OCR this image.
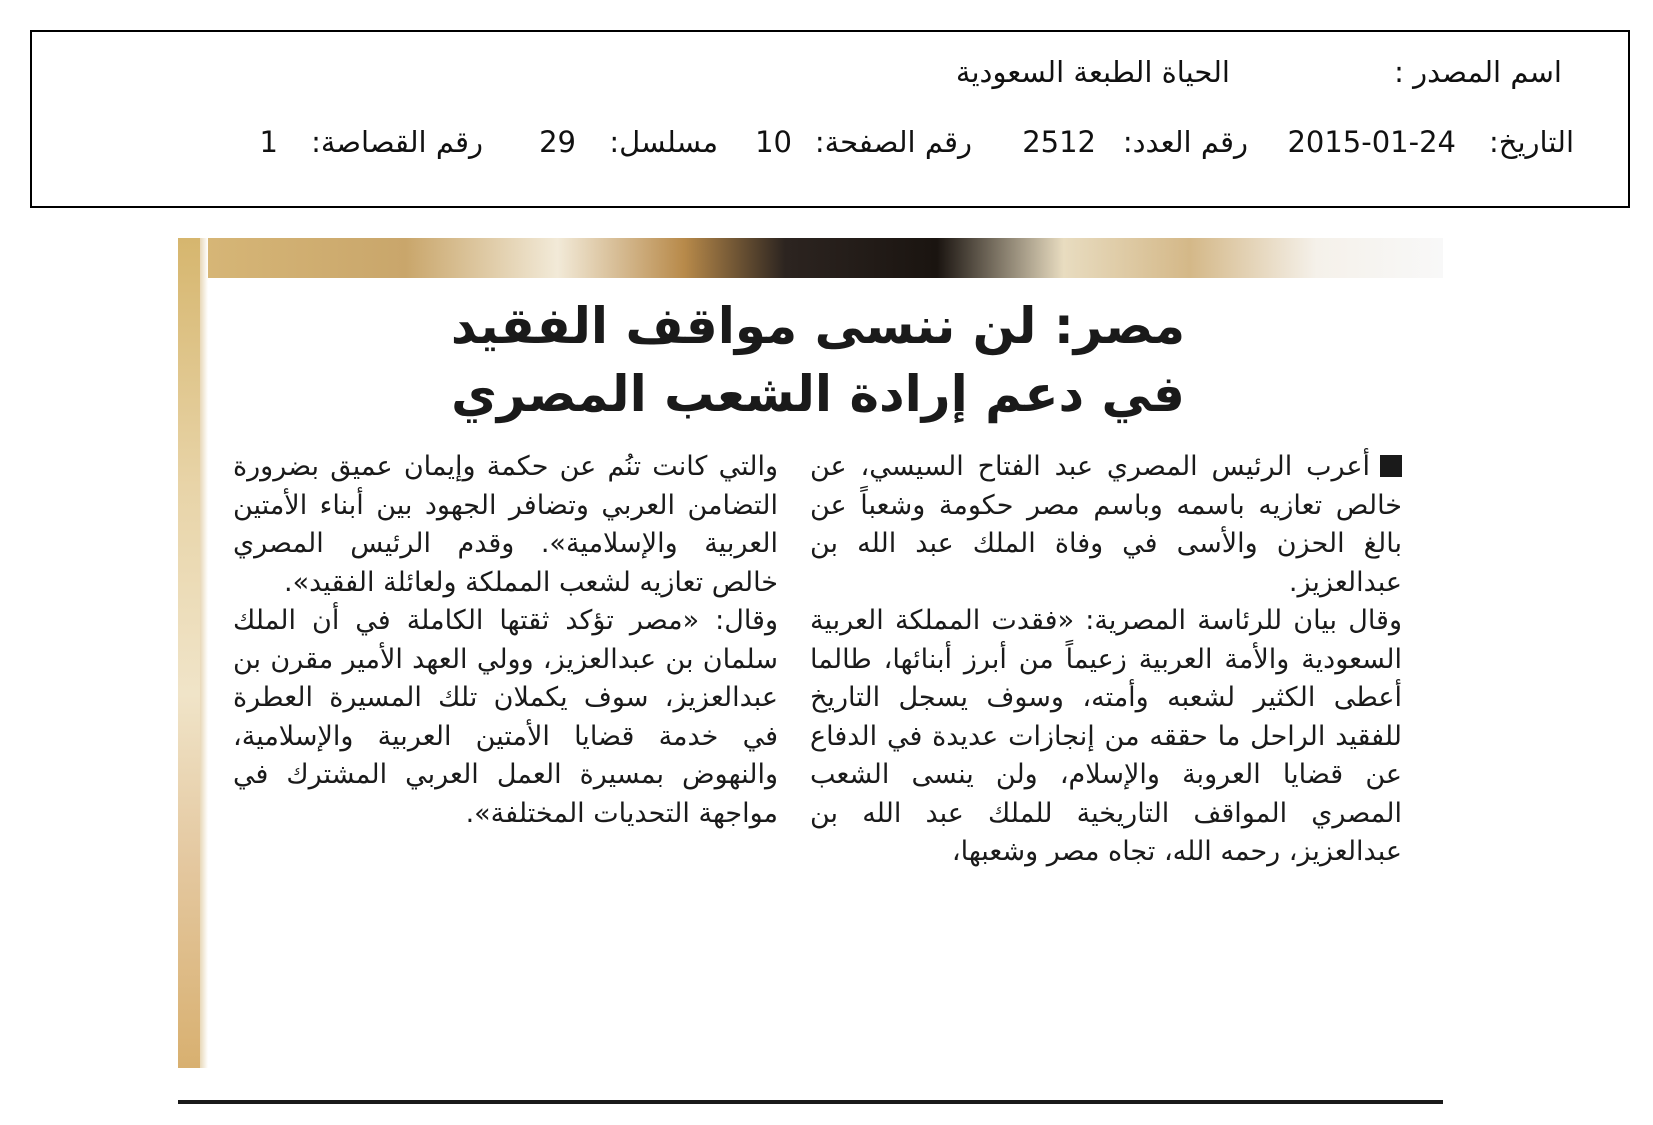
اسم المصدر :
الحياة الطبعة السعودية
التاريخ:
2015-01-24
رقم العدد:
2512
رقم الصفحة:
10
مسلسل:
29
رقم القصاصة:
1
مصر: لن ننسى مواقف الفقيد
في دعم إرادة الشعب المصري

أعرب الرئيس المصري عبد الفتاح السيسي، عن خالص تعازيه باسمه وباسم مصر حكومة وشعباً عن بالغ الحزن والأسى في وفاة الملك عبد الله بن عبدالعزيز.

وقال بيان للرئاسة المصرية: «فقدت المملكة العربية السعودية والأمة العربية زعيماً من أبرز أبنائها، طالما أعطى الكثير لشعبه وأمته، وسوف يسجل التاريخ للفقيد الراحل ما حققه من إنجازات عديدة في الدفاع عن قضايا العروبة والإسلام، ولن ينسى الشعب المصري المواقف التاريخية للملك عبد الله بن عبدالعزيز، رحمه الله، تجاه مصر وشعبها،

والتي كانت تنُم عن حكمة وإيمان عميق بضرورة التضامن العربي وتضافر الجهود بين أبناء الأمتين العربية والإسلامية». وقدم الرئيس المصري خالص تعازيه لشعب المملكة ولعائلة الفقيد».

وقال: «مصر تؤكد ثقتها الكاملة في أن الملك سلمان بن عبدالعزيز، وولي العهد الأمير مقرن بن عبدالعزيز، سوف يكملان تلك المسيرة العطرة في خدمة قضايا الأمتين العربية والإسلامية، والنهوض بمسيرة العمل العربي المشترك في مواجهة التحديات المختلفة».
